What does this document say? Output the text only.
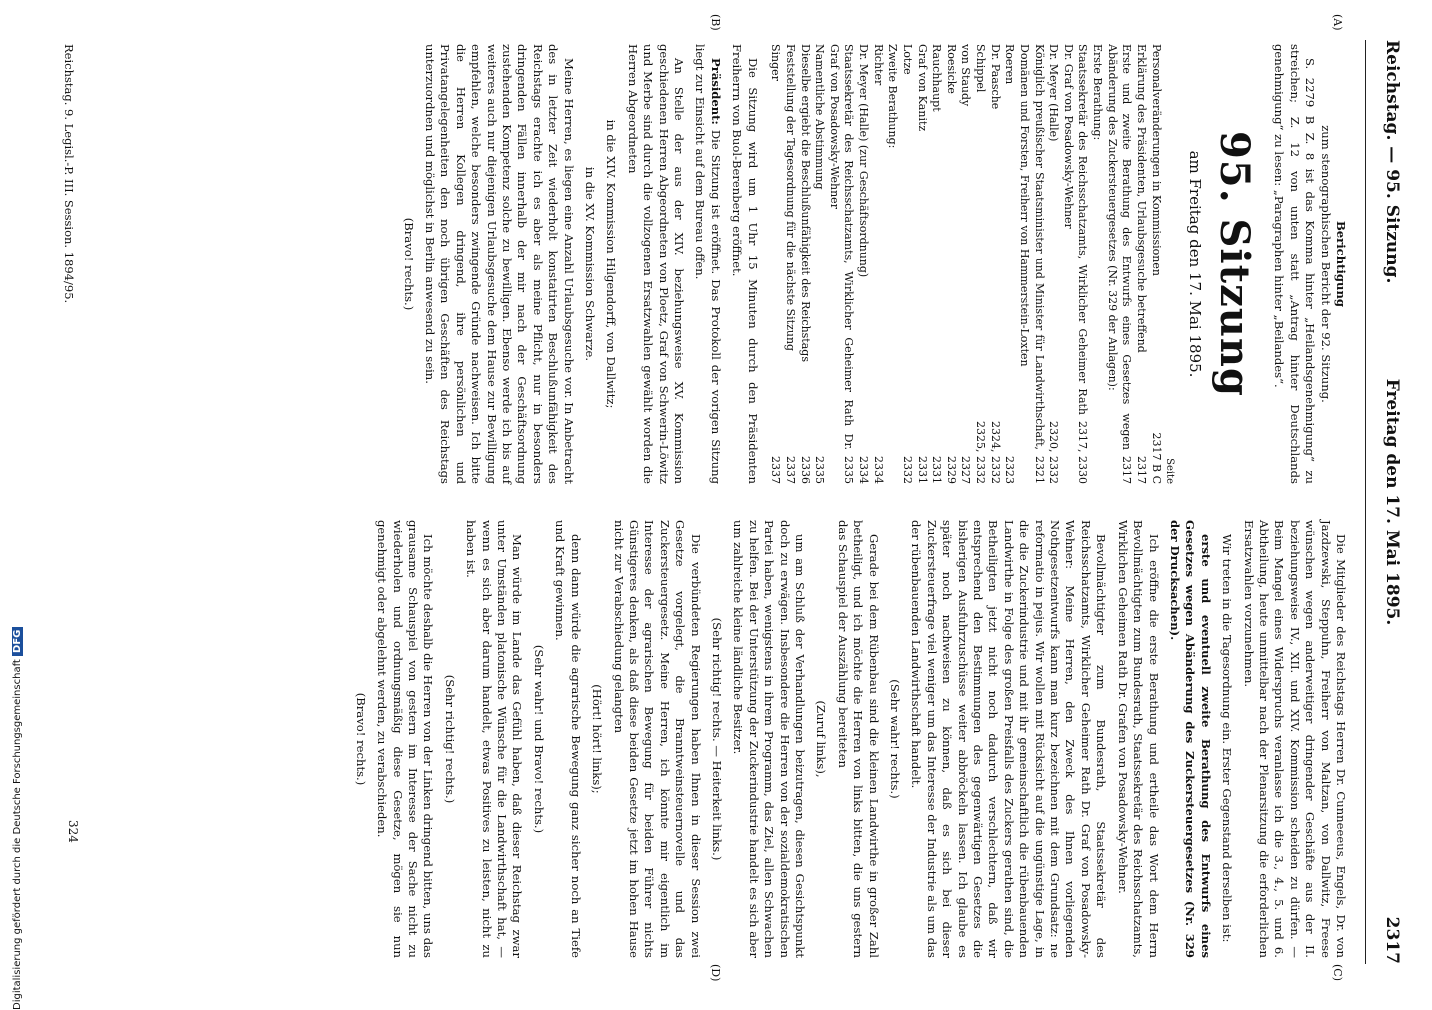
Reichstag. — 95. Sitzung.
Freitag den 17. Mai 1895.
2317
(A)
(B)
(C)
(D)
Berichtigung
zum stenographischen Bericht der 92. Sitzung.

S. 2279 B Z. 8 ist das Komma hinter „Heilandsgenehmigung“ zu streichen; Z. 12 von unten statt „Antrag hinter Deutschlands genehmigung“ zu lesen: „Paragraphen hinter „Beilandes“.

95. Sitzung
am Freitag den 17. Mai 1895.
Seite
Personalveränderungen in Kommissionen
2317 B C
Erklärung des Präsidenten, Urlaubsgesuche betreffend
2317
Erste und zweite Berathung des Entwurfs eines Gesetzes wegen Abänderung des Zuckersteuergesetzes (Nr. 329 der Anlagen):
2317
Erste Berathung:
Staatssekretär des Reichsschatzamts, Wirklicher Geheimer Rath Dr. Graf von Posadowsky-Wehner
2317, 2330
Dr. Meyer (Halle)
2320, 2332
Königlich preußischer Staatsminister und Minister für Landwirthschaft, Domänen und Forsten, Freiherr von Hammerstein-Loxten
2321
Roeren
2323
Dr. Paasche
2324, 2332
Schippel
2325, 2332
von Staudy
2327
Roesicke
2329
Rauchhaupt
2331
Graf von Kanitz
2331
Lotze
2332
Zweite Berathung:
Richter
2334
Dr. Meyer (Halle) (zur Geschäftsordnung)
2334
Staatssekretär des Reichsschatzamts, Wirklicher Geheimer Rath Dr. Graf von Posadowsky-Wehner
2335
Namentliche Abstimmung
2335
Dieselbe ergiebt die Beschlußunfähigkeit des Reichstags
2336
Feststellung der Tagesordnung für die nächste Sitzung
2337
Singer
2337

Die Sitzung wird um 1 Uhr 15 Minuten durch den Präsidenten Freiherrn von Buol-Berenberg eröffnet.

Präsident: Die Sitzung ist eröffnet. Das Protokoll der vorigen Sitzung liegt zur Einsicht auf dem Bureau offen.

An Stelle der aus der XIV. beziehungsweise XV. Kommission geschiedenen Herren Abgeordneten von Ploetz, Graf von Schwerin-Löwitz und Merbe sind durch die vollzogenen Ersatzwahlen gewählt worden die Herren Abgeordneten

in die XIV. Kommission Hilgendorff, von Dallwitz;
in die XV. Kommission Schwarze.

Meine Herren, es liegen eine Anzahl Urlaubsgesuche vor. In Anbetracht des in letzter Zeit wiederholt konstatirten Beschlußunfähigkeit des Reichstags erachte ich es aber als meine Pflicht, nur in besonders dringenden Fällen innerhalb der mir nach der Geschäftsordnung zustehenden Kompetenz solche zu bewilligen. Ebenso werde ich bis auf weiteres auch nur diejenigen Urlaubsgesuche dem Hause zur Bewilligung empfehlen, welche besonders zwingende Gründe nachweisen. Ich bitte die Herren Kollegen dringend, ihre persönlichen und Privatangelegenheiten den noch übrigen Geschäften des Reichstags unterzuordnen und möglichst in Berlin anwesend zu sein.

(Bravo! rechts.)

Die Mitglieder des Reichstags Herren Dr. Cunneeeus, Engels, Dr. von Jazdzewski, Steppuhn, Freiherr von Maltzan, von Dallwitz, Freese wünschen wegen anderweitiger dringender Geschäfte aus der II. beziehungsweise IV., XII. und XIV. Kommission scheiden zu dürfen. — Beim Mangel eines Widerspruchs veranlasse ich die 3., 4., 5. und 6. Abtheilung, heute unmittelbar nach der Plenarsitzung die erforderlichen Ersatzwahlen vorzunehmen.

Wir treten in die Tagesordnung ein. Erster Gegenstand derselben ist:

erste und eventuell zweite Berathung des Entwurfs eines Gesetzes wegen Abänderung des Zuckersteuergesetzes (Nr. 329 der Drucksachen).

Ich eröffne die erste Berathung und ertheile das Wort dem Herrn Bevollmächtigten zum Bundesrath, Staatssekretär des Reichsschatzamts, Wirklichen Geheimen Rath Dr. Grafen von Posadowsky-Wehner.

Bevollmächtigter zum Bundesrath, Staatssekretär des Reichsschatzamts, Wirklicher Geheimer Rath Dr. Graf von Posadowsky-Wehner: Meine Herren, den Zweck des Ihnen vorliegenden Nothgesetzentwurfs kann man kurz bezeichnen mit dem Grundsatz: ne reformatio in pejus. Wir wollen mit Rücksicht auf die ungünstige Lage, in die die Zuckerindustrie und mit ihr gemeinschaftlich die rübenbauenden Landwirthe in Folge des großen Preisfalls des Zuckers gerathen sind, die Betheiligten jetzt nicht noch dadurch verschlechtern, daß wir entsprechend den Bestimmungen des gegenwärtigen Gesetzes die bisherigen Ausfuhrzuschüsse weiter abbröckeln lassen. Ich glaube es später noch nachweisen zu können, daß es sich bei dieser Zuckersteuerfrage viel weniger um das Interesse der Industrie als um das der rübenbauenden Landwirthschaft handelt.

(Sehr wahr! rechts.)

Gerade bei dem Rübenbau sind die kleinen Landwirthe in großer Zahl betheiligt, und ich möchte die Herren von links bitten, die uns gestern das Schauspiel der Auszählung bereiteten

(Zuruf links),

um am Schluß der Verhandlungen beizutragen, diesen Gesichtspunkt doch zu erwägen. Insbesondere die Herren von der sozialdemokratischen Partei haben, wenigstens in ihrem Programm, das Ziel, allen Schwachen zu helfen. Bei der Unterstützung der Zuckerindustrie handelt es sich aber um zahlreiche kleine ländliche Besitzer.

(Sehr richtig! rechts. — Heiterkeit links.)

Die verbündeten Regierungen haben Ihnen in dieser Session zwei Gesetze vorgelegt, die Branntweinsteuernovelle und das Zuckersteuergesetz. Meine Herren, ich könnte mir eigentlich im Interesse der agrarischen Bewegung für beiden Führer nichts Günstigeres denken, als daß diese beiden Gesetze jetzt im hohen Hause nicht zur Verabschiedung gelangten

(Hört! hört! links);

denn dann würde die agrarische Bewegung ganz sicher noch an Tiefe und Kraft gewinnen.

(Sehr wahr! und Bravo! rechts.)

Man würde im Lande das Gefühl haben, daß dieser Reichstag zwar unter Umständen platonische Wünsche für die Landwirthschaft hat, — wenn es sich aber darum handelt, etwas Positives zu leisten, nicht zu haben ist.

(Sehr richtig! rechts.)

Ich möchte deshalb die Herren von der Linken dringend bitten, uns das grausame Schauspiel von gestern im Interesse der Sache nicht zu wiederholen und ordnungsmäßig diese Gesetze, mögen sie nun genehmigt oder abgelehnt werden, zu verabschieden.

(Bravo! rechts.)
Reichstag. 9. Legisl.-P. III. Session. 1894/95.
324
Digitalisierung gefördert durch die Deutsche Forschungsgemeinschaft DFG
